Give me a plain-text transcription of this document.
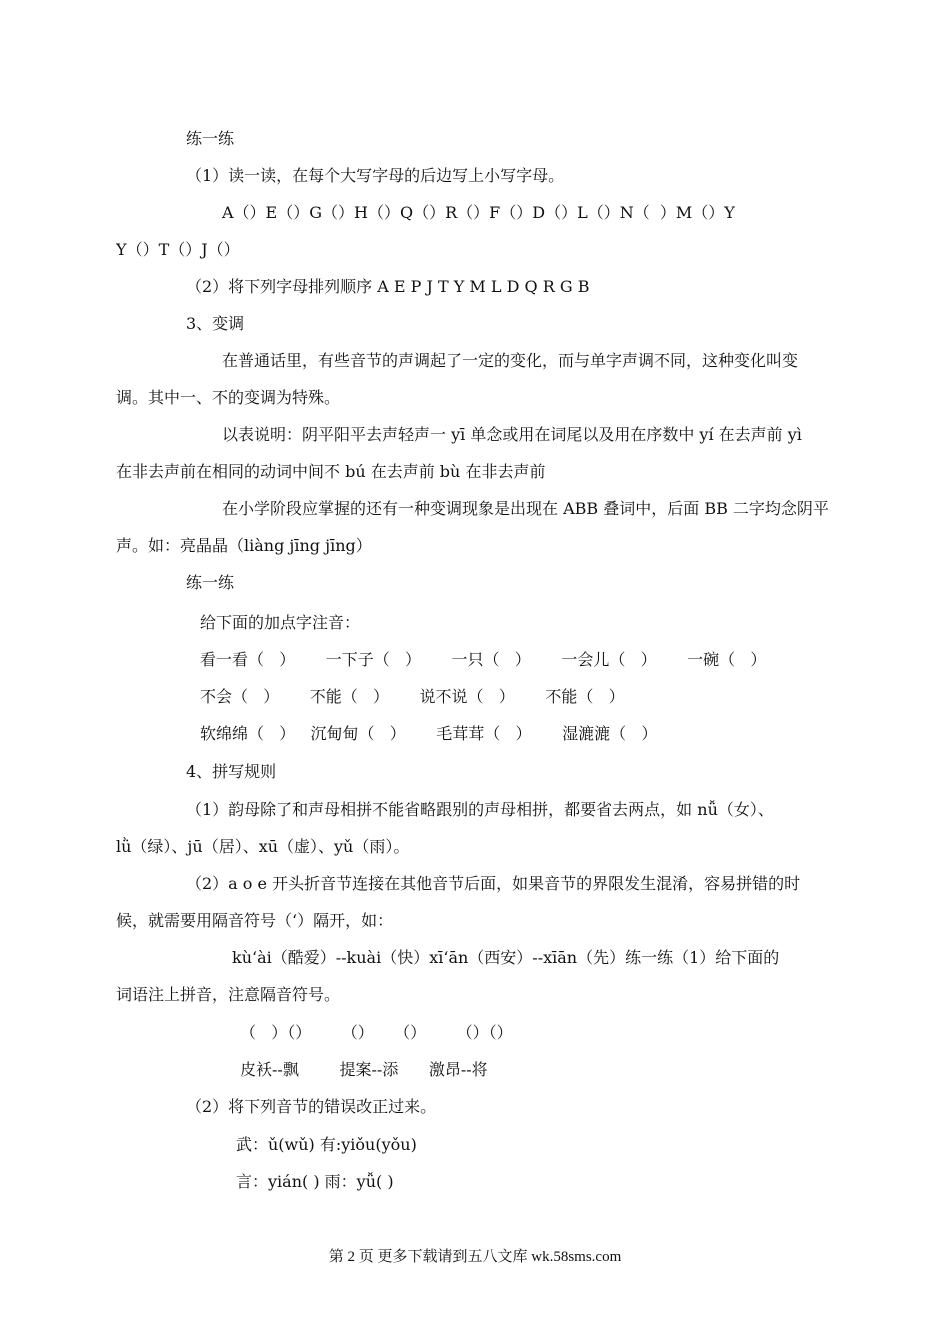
练一练
（1）读一读，在每个大写字母的后边写上小写字母。
A（）E（）G（）H（）Q（）R（）F（）D（）L（）N（  ）M（）Y
Y（）T（）J（）
（2）将下列字母排列顺序 A E P J T Y M L D Q R G B
3、变调
在普通话里，有些音节的声调起了一定的变化，而与单字声调不同，这种变化叫变
调。其中一、不的变调为特殊。
以表说明：阴平阳平去声轻声一 yī 单念或用在词尾以及用在序数中 yí 在去声前 yì
在非去声前在相同的动词中间不 bú 在去声前 bù 在非去声前
在小学阶段应掌握的还有一种变调现象是出现在 ABB 叠词中，后面 BB 二字均念阴平
声。如：亮晶晶（liàng jīng jīng）
练一练
给下面的加点字注音：
看一看（   ）      一下子（   ）      一只（   ）      一会儿（   ）      一碗（   ）
不会（   ）      不能（   ）      说不说（   ）      不能（   ）
软绵绵（   ）   沉甸甸（   ）      毛茸茸（   ）      湿漉漉（   ）
4、拼写规则
（1）韵母除了和声母相拼不能省略跟别的声母相拼，都要省去两点，如 nǚ（女）、
lǜ（绿）、jū（居）、xū（虚）、yǔ（雨）。
（2）a o e 开头折音节连接在其他音节后面，如果音节的界限发生混淆，容易拼错的时
候，就需要用隔音符号（‘）隔开，如：
kù‘ài（酷爱）--kuài（快）xī‘ān（西安）--xīān（先）练一练（1）给下面的
词语注上拼音，注意隔音符号。
（   ）（）      （）    （）      （）（）
皮袄--飘        提案--添      激昂--将
（2）将下列音节的错误改正过来。
武：ǔ(wǔ) 有:yiǒu(yǒu)
言：yián( ) 雨：yǚ( )
第 2 页 更多下载请到五八文库 wk.58sms.com
